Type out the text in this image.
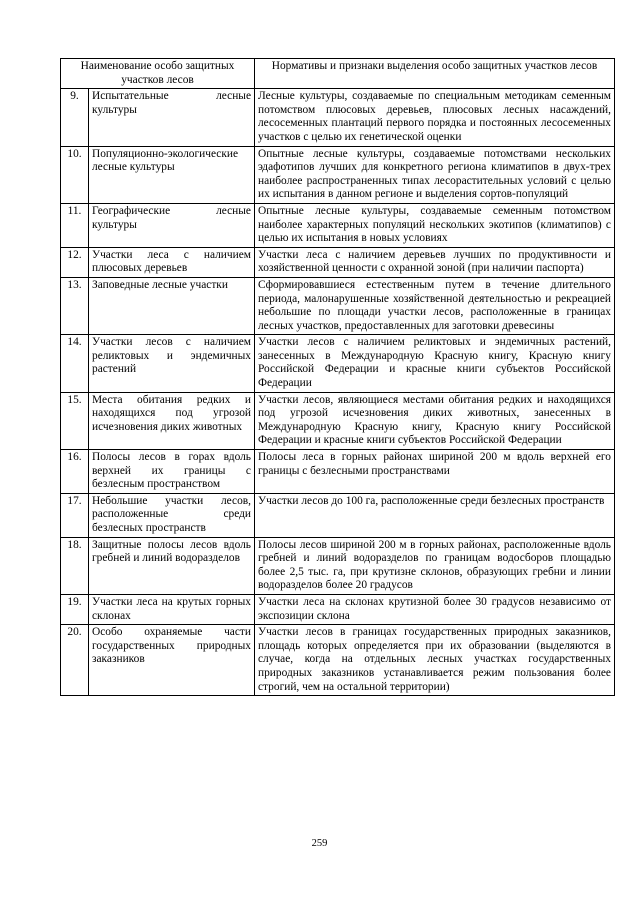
Наименование особо защитных участков лесов		Нормативы и признаки выделения особо защитных участков лесов
9.	Испытательные лесные культуры	Лесные культуры, создаваемые по специальным методикам семенным потомством плюсовых деревьев, плюсовых лесных насаждений, лесосеменных плантаций первого порядка и постоянных лесосеменных участков с целью их генетической оценки
10.	Популяционно-экологические лесные культуры	Опытные лесные культуры, создаваемые потомствами нескольких эдафотипов лучших для конкретного региона климатипов в двух-трех наиболее распространенных типах лесорастительных условий с целью их испытания в данном регионе и выделения сортов-популяций
11.	Географические лесные культуры	Опытные лесные культуры, создаваемые семенным потомством наиболее характерных популяций нескольких экотипов (климатипов) с целью их испытания в новых условиях
12.	Участки леса с наличием плюсовых деревьев	Участки леса с наличием деревьев лучших по продуктивности и хозяйственной ценности с охранной зоной (при наличии паспорта)
13.	Заповедные лесные участки	Сформировавшиеся естественным путем в течение длительного периода, малонарушенные хозяйственной деятельностью и рекреацией небольшие по площади участки лесов, расположенные в границах лесных участков, предоставленных для заготовки древесины
14.	Участки лесов с наличием реликтовых и эндемичных растений	Участки лесов с наличием реликтовых и эндемичных растений, занесенных в Международную Красную книгу, Красную книгу Российской Федерации и красные книги субъектов Российской Федерации
15.	Места обитания редких и находящихся под угрозой исчезновения диких животных	Участки лесов, являющиеся местами обитания редких и находящихся под угрозой исчезновения диких животных, занесенных в Международную Красную книгу, Красную книгу Российской Федерации и красные книги субъектов Российской Федерации
16.	Полосы лесов в горах вдоль верхней их границы с безлесным пространством	Полосы леса в горных районах шириной 200 м вдоль верхней его границы с безлесными пространствами
17.	Небольшие участки лесов, расположенные среди безлесных пространств	Участки лесов до 100 га, расположенные среди безлесных пространств
18.	Защитные полосы лесов вдоль гребней и линий водоразделов	Полосы лесов шириной 200 м в горных районах, расположенные вдоль гребней и линий водоразделов по границам водосборов площадью более 2,5 тыс. га, при крутизне склонов, образующих гребни и линии водоразделов более 20 градусов
19.	Участки леса на крутых горных склонах	Участки леса на склонах крутизной более 30 градусов независимо от экспозиции склона
20.	Особо охраняемые части государственных природных заказников	Участки лесов в границах государственных природных заказников, площадь которых определяется при их образовании (выделяются в случае, когда на отдельных лесных участках государственных природных заказников устанавливается режим пользования более строгий, чем на остальной территории)
259
